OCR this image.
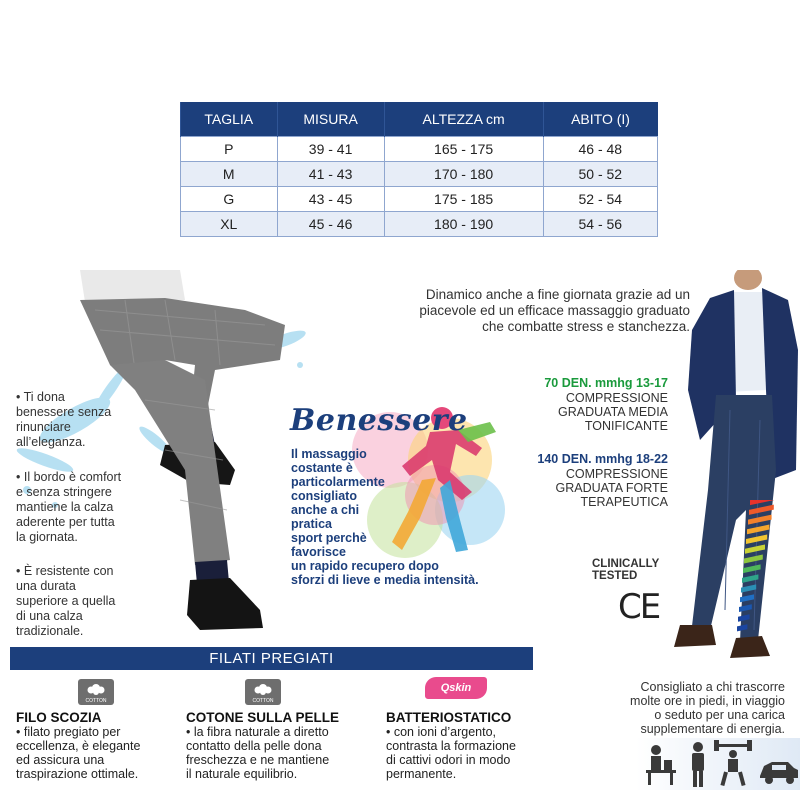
TAGLIA	MISURA	ALTEZZA cm	ABITO (I)
P	39 - 41	165 - 175	46 - 48
M	41 - 43	170 - 180	50 - 52
G	43 - 45	175 - 185	52 - 54
XL	45 - 46	180 - 190	54 - 56
• Ti dona
benessere senza
rinunciare
all’eleganza.
• Il bordo è comfort
e senza stringere
mantiene la calza
aderente per tutta
la giornata.
• È resistente con
una durata
superiore a quella
di una calza
tradizionale.
Benessere
Il massaggio
costante è
particolarmente
consigliato
anche a chi
pratica
sport perchè
favorisce
un rapido recupero dopo
sforzi di lieve e media intensità.
Dinamico anche a fine giornata grazie ad un
piacevole ed un efficace massaggio graduato
che combatte stress e stanchezza.
70 DEN. mmhg 13-17
COMPRESSIONE
GRADUATA MEDIA
TONIFICANTE
140 DEN. mmhg 18-22
COMPRESSIONE
GRADUATA FORTE
TERAPEUTICA
CLINICALLY
TESTED
CE
FILATI PREGIATI
COTTON	COTTON
Qskin
FILO SCOZIA
• filato pregiato per
eccellenza, è elegante
ed assicura una
traspirazione ottimale.
COTONE SULLA PELLE
• la fibra naturale a diretto
contatto della pelle dona
freschezza e ne mantiene
il naturale equilibrio.
BATTERIOSTATICO
• con ioni d’argento,
contrasta la formazione
di cattivi odori in modo
permanente.
Consigliato a chi trascorre
molte ore in piedi, in viaggio
o seduto per una carica
supplementare di energia.
